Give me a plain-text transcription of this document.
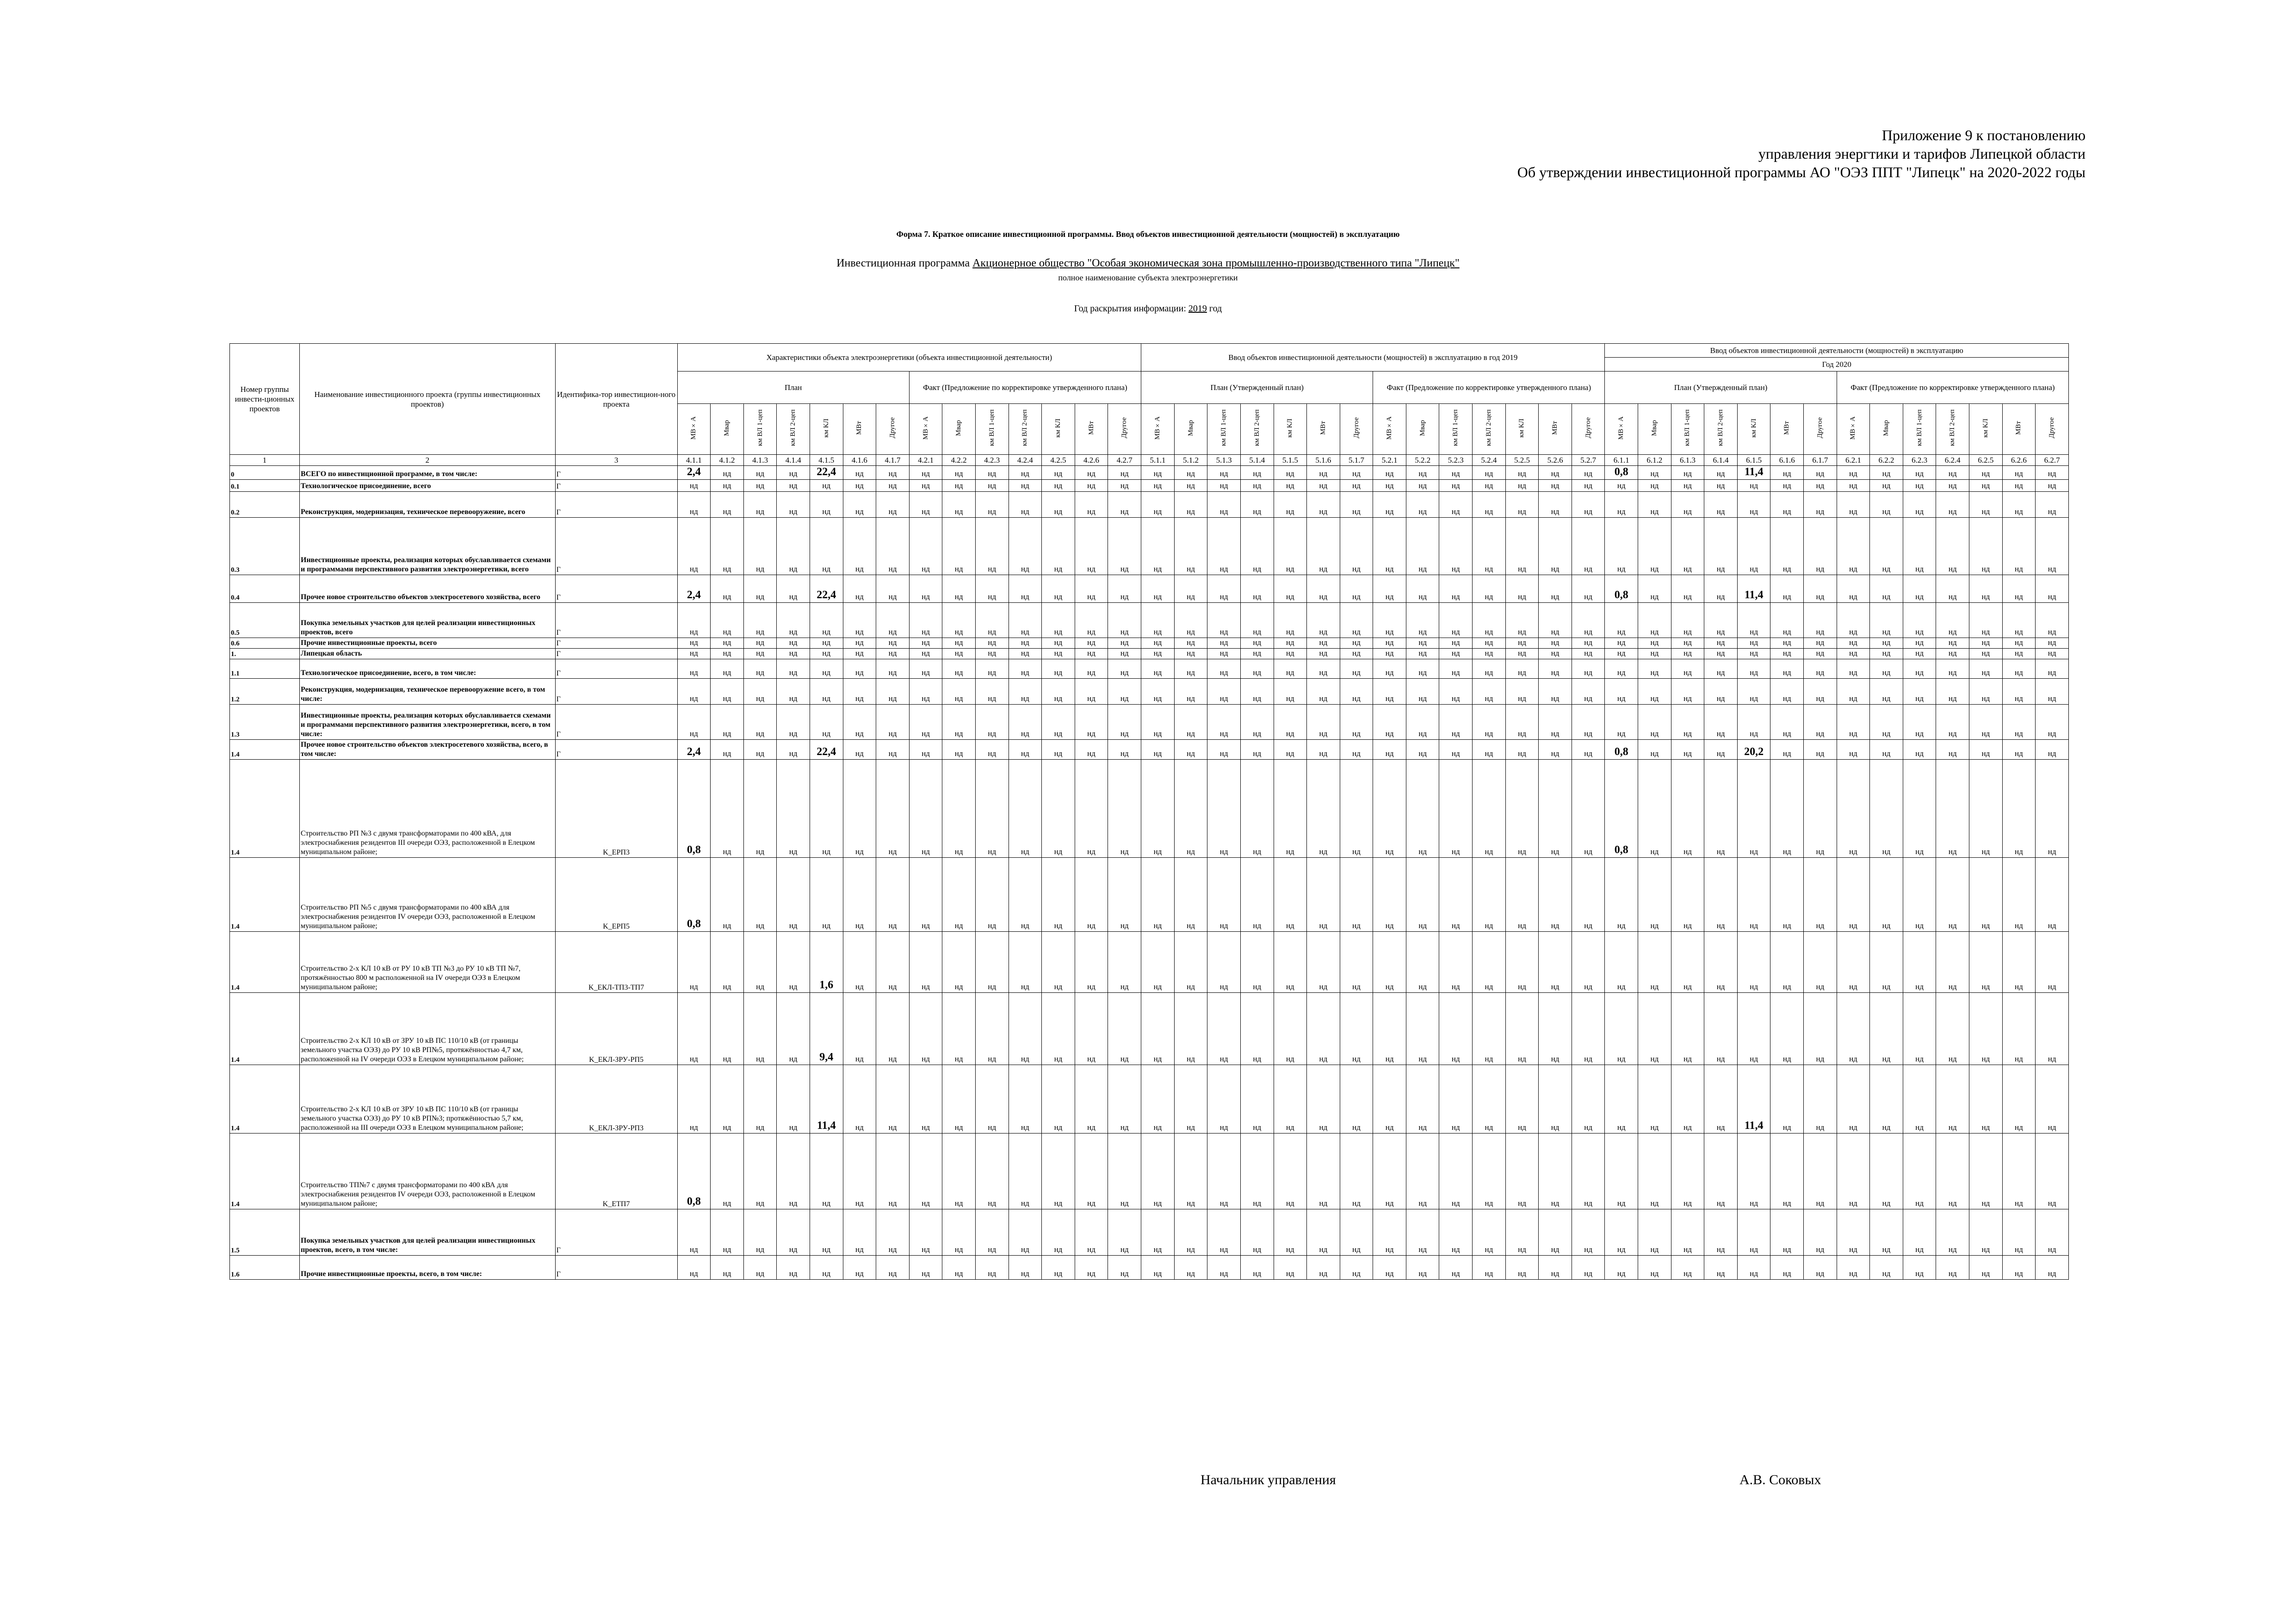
Приложение 9 к постановлению
управления энергтики и тарифов Липецкой области
Об утверждении инвестиционной программы АО "ОЭЗ ППТ "Липецк" на 2020-2022 годы
Форма 7. Краткое описание инвестиционной программы. Ввод объектов инвестиционной деятельности (мощностей) в эксплуатацию
Инвестиционная программа Акционерное общество "Особая экономическая зона промышленно-производственного типа "Липецк"
полное наименование субъекта электроэнергетики
Год раскрытия информации: 2019 год
Номер группы инвести-ционных проектов	Наименование инвестиционного проекта (группы инвестиционных проектов)	Идентифика-тор инвестицион-ного проекта	Характеристики объекта электроэнергетики (объекта инвестиционной деятельности)														Ввод объектов инвестиционной деятельности (мощностей) в эксплуатацию в год 2019														Ввод объектов инвестиционной деятельности (мощностей) в эксплуатацию													
																															Год 2020													
			План							Факт (Предложение по корректировке утвержденного плана)							План (Утвержденный план)							Факт (Предложение по корректировке утвержденного плана)							План (Утвержденный план)							Факт (Предложение по корректировке утвержденного плана)						
			МВ×А	Мвар	км ВЛ 1-цеп	км ВЛ 2-цеп	км КЛ	МВт	Другое	МВ×А	Мвар	км ВЛ 1-цеп	км ВЛ 2-цеп	км КЛ	МВт	Другое	МВ×А	Мвар	км ВЛ 1-цеп	км ВЛ 2-цеп	км КЛ	МВт	Другое	МВ×А	Мвар	км ВЛ 1-цеп	км ВЛ 2-цеп	км КЛ	МВт	Другое	МВ×А	Мвар	км ВЛ 1-цеп	км ВЛ 2-цеп	км КЛ	МВт	Другое	МВ×А	Мвар	км ВЛ 1-цеп	км ВЛ 2-цеп	км КЛ	МВт	Другое
1	2	3	4.1.1	4.1.2	4.1.3	4.1.4	4.1.5	4.1.6	4.1.7	4.2.1	4.2.2	4.2.3	4.2.4	4.2.5	4.2.6	4.2.7	5.1.1	5.1.2	5.1.3	5.1.4	5.1.5	5.1.6	5.1.7	5.2.1	5.2.2	5.2.3	5.2.4	5.2.5	5.2.6	5.2.7	6.1.1	6.1.2	6.1.3	6.1.4	6.1.5	6.1.6	6.1.7	6.2.1	6.2.2	6.2.3	6.2.4	6.2.5	6.2.6	6.2.7
0	ВСЕГО по инвестиционной программе, в том числе:	Г	2,4	нд	нд	нд	22,4	нд	нд	нд	нд	нд	нд	нд	нд	нд	нд	нд	нд	нд	нд	нд	нд	нд	нд	нд	нд	нд	нд	нд	0,8	нд	нд	нд	11,4	нд	нд	нд	нд	нд	нд	нд	нд	нд
0.1	Технологическое присоединение, всего	Г	нд	нд	нд	нд	нд	нд	нд	нд	нд	нд	нд	нд	нд	нд	нд	нд	нд	нд	нд	нд	нд	нд	нд	нд	нд	нд	нд	нд	нд	нд	нд	нд	нд	нд	нд	нд	нд	нд	нд	нд	нд	нд
0.2	Реконструкция, модернизация, техническое перевооружение, всего	Г	нд	нд	нд	нд	нд	нд	нд	нд	нд	нд	нд	нд	нд	нд	нд	нд	нд	нд	нд	нд	нд	нд	нд	нд	нд	нд	нд	нд	нд	нд	нд	нд	нд	нд	нд	нд	нд	нд	нд	нд	нд	нд
0.3	Инвестиционные проекты, реализация которых обуславливается схемами и программами перспективного развития электроэнергетики, всего	Г	нд	нд	нд	нд	нд	нд	нд	нд	нд	нд	нд	нд	нд	нд	нд	нд	нд	нд	нд	нд	нд	нд	нд	нд	нд	нд	нд	нд	нд	нд	нд	нд	нд	нд	нд	нд	нд	нд	нд	нд	нд	нд
0.4	Прочее новое строительство объектов электросетевого хозяйства, всего	Г	2,4	нд	нд	нд	22,4	нд	нд	нд	нд	нд	нд	нд	нд	нд	нд	нд	нд	нд	нд	нд	нд	нд	нд	нд	нд	нд	нд	нд	0,8	нд	нд	нд	11,4	нд	нд	нд	нд	нд	нд	нд	нд	нд
0.5	Покупка земельных участков для целей реализации инвестиционных проектов, всего	Г	нд	нд	нд	нд	нд	нд	нд	нд	нд	нд	нд	нд	нд	нд	нд	нд	нд	нд	нд	нд	нд	нд	нд	нд	нд	нд	нд	нд	нд	нд	нд	нд	нд	нд	нд	нд	нд	нд	нд	нд	нд	нд
0.6	Прочие инвестиционные проекты, всего	Г	нд	нд	нд	нд	нд	нд	нд	нд	нд	нд	нд	нд	нд	нд	нд	нд	нд	нд	нд	нд	нд	нд	нд	нд	нд	нд	нд	нд	нд	нд	нд	нд	нд	нд	нд	нд	нд	нд	нд	нд	нд	нд
1.	Липецкая область	Г	нд	нд	нд	нд	нд	нд	нд	нд	нд	нд	нд	нд	нд	нд	нд	нд	нд	нд	нд	нд	нд	нд	нд	нд	нд	нд	нд	нд	нд	нд	нд	нд	нд	нд	нд	нд	нд	нд	нд	нд	нд	нд
1.1	Технологическое присоединение, всего, в том числе:	Г	нд	нд	нд	нд	нд	нд	нд	нд	нд	нд	нд	нд	нд	нд	нд	нд	нд	нд	нд	нд	нд	нд	нд	нд	нд	нд	нд	нд	нд	нд	нд	нд	нд	нд	нд	нд	нд	нд	нд	нд	нд	нд
1.2	Реконструкция, модернизация, техническое перевооружение всего, в том числе:	Г	нд	нд	нд	нд	нд	нд	нд	нд	нд	нд	нд	нд	нд	нд	нд	нд	нд	нд	нд	нд	нд	нд	нд	нд	нд	нд	нд	нд	нд	нд	нд	нд	нд	нд	нд	нд	нд	нд	нд	нд	нд	нд
1.3	Инвестиционные проекты, реализация которых обуславливается схемами и программами перспективного развития электроэнергетики, всего, в том числе:	Г	нд	нд	нд	нд	нд	нд	нд	нд	нд	нд	нд	нд	нд	нд	нд	нд	нд	нд	нд	нд	нд	нд	нд	нд	нд	нд	нд	нд	нд	нд	нд	нд	нд	нд	нд	нд	нд	нд	нд	нд	нд	нд
1.4	Прочее новое строительство объектов электросетевого хозяйства, всего, в том числе:	Г	2,4	нд	нд	нд	22,4	нд	нд	нд	нд	нд	нд	нд	нд	нд	нд	нд	нд	нд	нд	нд	нд	нд	нд	нд	нд	нд	нд	нд	0,8	нд	нд	нд	20,2	нд	нд	нд	нд	нд	нд	нд	нд	нд
1.4	Строительство РП №3 с двумя трансформаторами по 400 кВА, для электроснабжения резидентов III очереди ОЭЗ, расположенной в Елецком муниципальном районе;	K_ЕРП3	0,8	нд	нд	нд	нд	нд	нд	нд	нд	нд	нд	нд	нд	нд	нд	нд	нд	нд	нд	нд	нд	нд	нд	нд	нд	нд	нд	нд	0,8	нд	нд	нд	нд	нд	нд	нд	нд	нд	нд	нд	нд	нд
1.4	Строительство РП №5 с двумя трансформаторами по 400 кВА для электроснабжения резидентов IV очереди ОЭЗ, расположенной в Елецком муниципальном районе;	K_ЕРП5	0,8	нд	нд	нд	нд	нд	нд	нд	нд	нд	нд	нд	нд	нд	нд	нд	нд	нд	нд	нд	нд	нд	нд	нд	нд	нд	нд	нд	нд	нд	нд	нд	нд	нд	нд	нд	нд	нд	нд	нд	нд	нд
1.4	Строительство 2-х КЛ 10 кВ от РУ 10 кВ ТП №3 до РУ 10 кВ ТП №7, протяжённостью 800 м расположенной на IV очереди ОЭЗ в Елецком муниципальном районе;	K_ЕКЛ-ТП3-ТП7	нд	нд	нд	нд	1,6	нд	нд	нд	нд	нд	нд	нд	нд	нд	нд	нд	нд	нд	нд	нд	нд	нд	нд	нд	нд	нд	нд	нд	нд	нд	нд	нд	нд	нд	нд	нд	нд	нд	нд	нд	нд	нд
1.4	Строительство 2-х КЛ 10 кВ от ЗРУ 10 кВ ПС 110/10 кВ (от границы земельного участка ОЭЗ) до РУ 10 кВ РП№5, протяжённостью 4,7 км, расположенной на IV очереди ОЭЗ в Елецком муниципальном районе;	K_ЕКЛ-ЗРУ-РП5	нд	нд	нд	нд	9,4	нд	нд	нд	нд	нд	нд	нд	нд	нд	нд	нд	нд	нд	нд	нд	нд	нд	нд	нд	нд	нд	нд	нд	нд	нд	нд	нд	нд	нд	нд	нд	нд	нд	нд	нд	нд	нд
1.4	Строительство 2-х КЛ 10 кВ от ЗРУ 10 кВ ПС 110/10 кВ (от границы земельного участка ОЭЗ) до РУ 10 кВ РП№3; протяжённостью 5,7 км, расположенной на III очереди ОЭЗ в Елецком муниципальном районе;	K_ЕКЛ-ЗРУ-РП3	нд	нд	нд	нд	11,4	нд	нд	нд	нд	нд	нд	нд	нд	нд	нд	нд	нд	нд	нд	нд	нд	нд	нд	нд	нд	нд	нд	нд	нд	нд	нд	нд	11,4	нд	нд	нд	нд	нд	нд	нд	нд	нд
1.4	Строительство ТП№7 с двумя трансформаторами по 400 кВА для электроснабжения резидентов IV очереди ОЭЗ, расположенной в Елецком муниципальном районе;	K_ЕТП7	0,8	нд	нд	нд	нд	нд	нд	нд	нд	нд	нд	нд	нд	нд	нд	нд	нд	нд	нд	нд	нд	нд	нд	нд	нд	нд	нд	нд	нд	нд	нд	нд	нд	нд	нд	нд	нд	нд	нд	нд	нд	нд
1.5	Покупка земельных участков для целей реализации инвестиционных проектов, всего, в том числе:	Г	нд	нд	нд	нд	нд	нд	нд	нд	нд	нд	нд	нд	нд	нд	нд	нд	нд	нд	нд	нд	нд	нд	нд	нд	нд	нд	нд	нд	нд	нд	нд	нд	нд	нд	нд	нд	нд	нд	нд	нд	нд	нд
1.6	Прочие инвестиционные проекты, всего, в том числе:	Г	нд	нд	нд	нд	нд	нд	нд	нд	нд	нд	нд	нд	нд	нд	нд	нд	нд	нд	нд	нд	нд	нд	нд	нд	нд	нд	нд	нд	нд	нд	нд	нд	нд	нд	нд	нд	нд	нд	нд	нд	нд	нд
Начальник управления	А.В. Соковых
